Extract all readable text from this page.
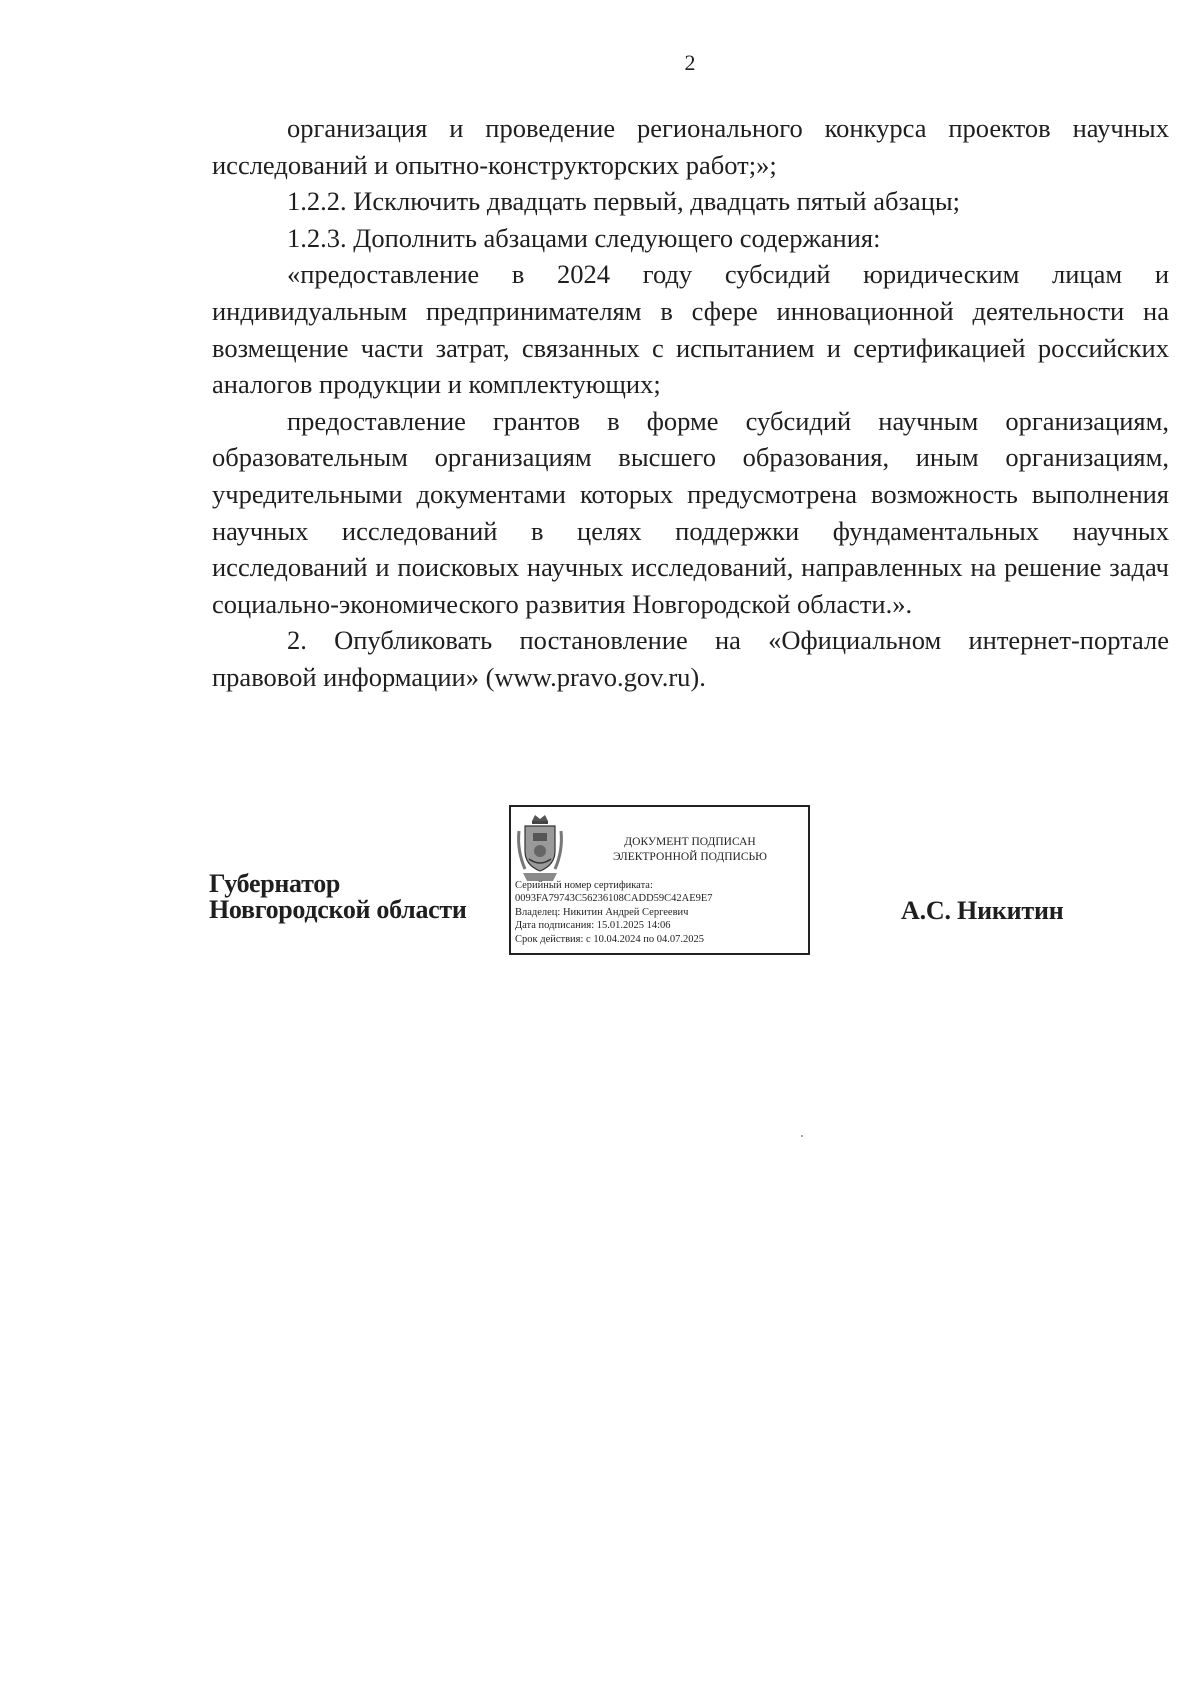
2

организация и проведение регионального конкурса проектов научных исследований и опытно-конструкторских работ;»;

1.2.2. Исключить двадцать первый, двадцать пятый абзацы;

1.2.3. Дополнить абзацами следующего содержания:

«предоставление в 2024 году субсидий юридическим лицам и индивидуальным предпринимателям в сфере инновационной деятельности на возмещение части затрат, связанных с испытанием и сертификацией российских аналогов продукции и комплектующих;

предоставление грантов в форме субсидий научным организациям, образовательным организациям высшего образования, иным организациям, учредительными документами которых предусмотрена возможность выполнения научных исследований в целях поддержки фундаментальных научных исследований и поисковых научных исследований, направленных на решение задач социально-экономического развития Новгородской области.».

2. Опубликовать постановление на «Официальном интернет-портале правовой информации» (www.pravo.gov.ru).

Губернатор
Новгородской области
ДОКУМЕНТ ПОДПИСАН
ЭЛЕКТРОННОЙ ПОДПИСЬЮ
Серийный номер сертификата:
0093FA79743C56236108CADD59C42AE9E7
Владелец: Никитин Андрей Сергеевич
Дата подписания: 15.01.2025 14:06
Срок действия: с 10.04.2024 по 04.07.2025
А.С. Никитин
